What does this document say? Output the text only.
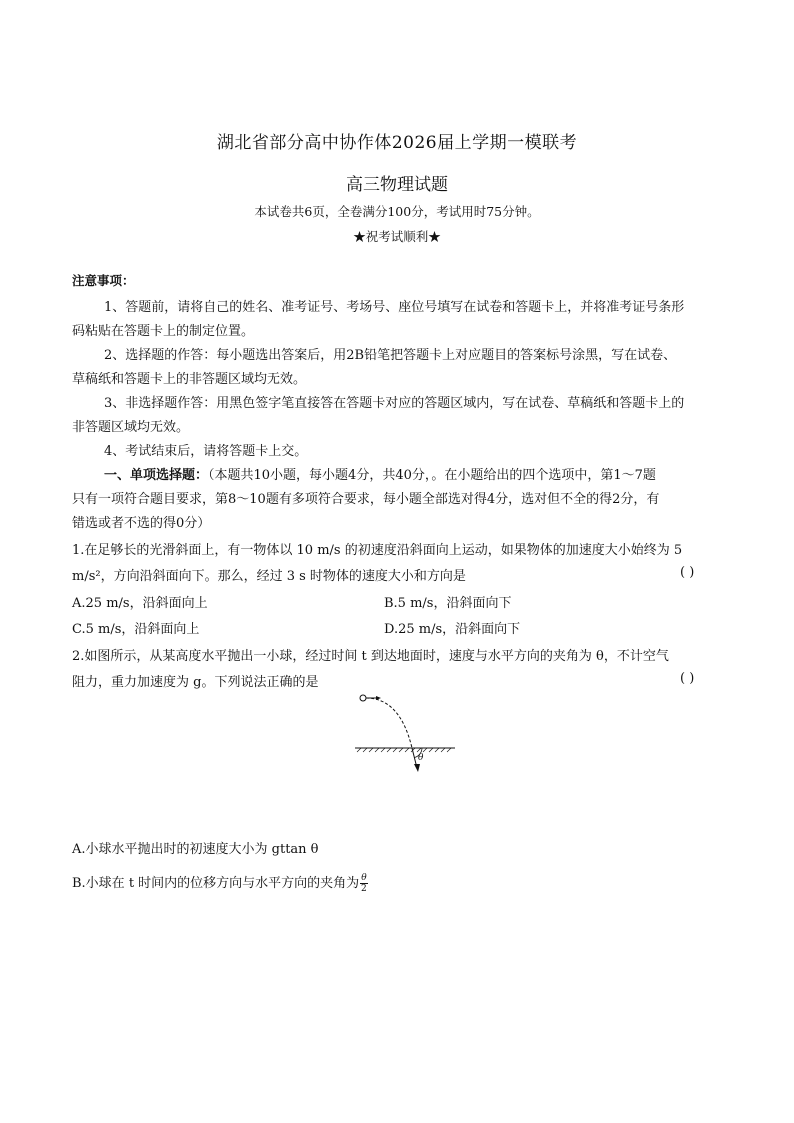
湖北省部分高中协作体2026届上学期一模联考
高三物理试题
本试卷共6页，全卷满分100分，考试用时75分钟。
★祝考试顺利★
注意事项：
1、答题前，请将自己的姓名、准考证号、考场号、座位号填写在试卷和答题卡上，并将准考证号条形
码粘贴在答题卡上的制定位置。
2、选择题的作答：每小题选出答案后，用2B铅笔把答题卡上对应题目的答案标号涂黑，写在试卷、
草稿纸和答题卡上的非答题区域均无效。
3、非选择题作答：用黑色签字笔直接答在答题卡对应的答题区域内，写在试卷、草稿纸和答题卡上的
非答题区域均无效。
4、考试结束后，请将答题卡上交。
一、单项选择题：（本题共10小题，每小题4分，共40分，。在小题给出的四个选项中，第1～7题
只有一项符合题目要求，第8～10题有多项符合要求，每小题全部选对得4分，选对但不全的得2分，有
错选或者不选的得0分）
1.在足够长的光滑斜面上，有一物体以 10 m/s 的初速度沿斜面向上运动，如果物体的加速度大小始终为 5
m/s²，方向沿斜面向下。那么，经过 3 s 时物体的速度大小和方向是	( )
A.25 m/s，沿斜面向上	B.5 m/s，沿斜面向下
C.5 m/s，沿斜面向上	D.25 m/s，沿斜面向下
2.如图所示，从某高度水平抛出一小球，经过时间 t 到达地面时，速度与水平方向的夹角为 θ，不计空气
阻力，重力加速度为 g。下列说法正确的是	( )
θ
A.小球水平抛出时的初速度大小为 gttan θ
B.小球在 t 时间内的位移方向与水平方向的夹角为 $\frac{\theta}{2}$
